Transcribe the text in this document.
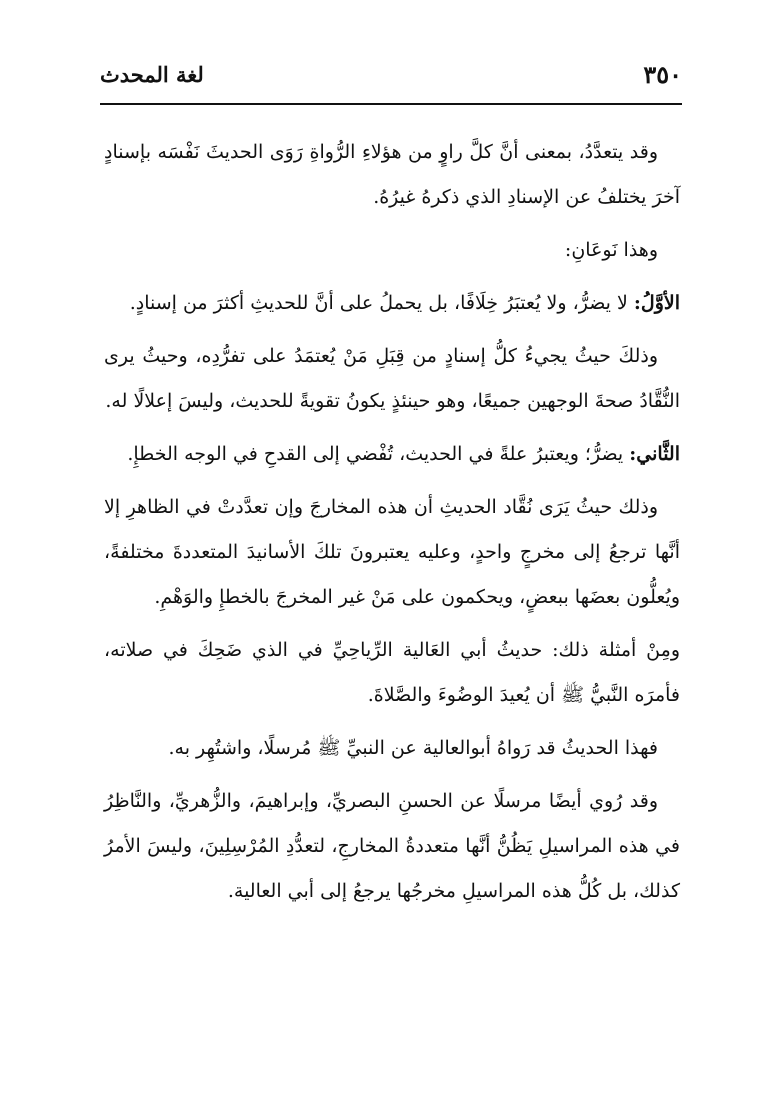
٣٥٠
لغة المحدث

وقد يتعدَّدُ، بمعنى أنَّ كلَّ راوٍ من هؤلاءِ الرُّواةِ رَوَى الحديثَ نَفْسَه بإسنادٍ آخرَ يختلفُ عن الإسنادِ الذي ذكرهُ غيرُهُ.

وهذا نَوعَانِ:

الأوَّلُ: لا يضرُّ، ولا يُعتبَرُ خِلَافًا، بل يحملُ على أنَّ للحديثِ أكثرَ من إسنادٍ.

وذلكَ حيثُ يجيءُ كلُّ إسنادٍ من قِبَلِ مَنْ يُعتمَدُ على تفرُّدِه، وحيثُ يرى النُّقَّادُ صحةَ الوجهين جميعًا، وهو حينئذٍ يكونُ تقويةً للحديث، وليسَ إعلالًا له.

الثَّاني: يضرُّ؛ ويعتبرُ علةً في الحديث، تُفْضي إلى القدحِ في الوجه الخطإِ.

وذلك حيثُ يَرَى نُقَّاد الحديثِ أن هذه المخارجَ وإن تعدَّدتْ في الظاهرِ إلا أنَّها ترجعُ إلى مخرجٍ واحدٍ، وعليه يعتبرونَ تلكَ الأسانيدَ المتعددةَ مختلفةً، ويُعلُّون بعضَها ببعضٍ، ويحكمون على مَنْ غير المخرجَ بالخطإِ والوَهْمِ.

ومِنْ أمثلة ذلك: حديثُ أبي العَالية الرِّياحِيِّ في الذي ضَحِكَ في صلاته، فأمرَه النَّبيُّ ﷺ أن يُعيدَ الوضُوءَ والصَّلاةَ.

فهذا الحديثُ قد رَواهُ أبوالعالية عن النبيِّ ﷺ مُرسلًا، واشتُهِر به.

وقد رُوي أيضًا مرسلًا عن الحسنِ البصريِّ، وإبراهيمَ، والزُّهريِّ، والنَّاظِرُ في هذه المراسيلِ يَظُنُّ أنَّها متعددةُ المخارجِ، لتعدُّدِ المُرْسِلِينَ، وليسَ الأمرُ كذلك، بل كُلُّ هذه المراسيلِ مخرجُها يرجعُ إلى أبي العالية.
